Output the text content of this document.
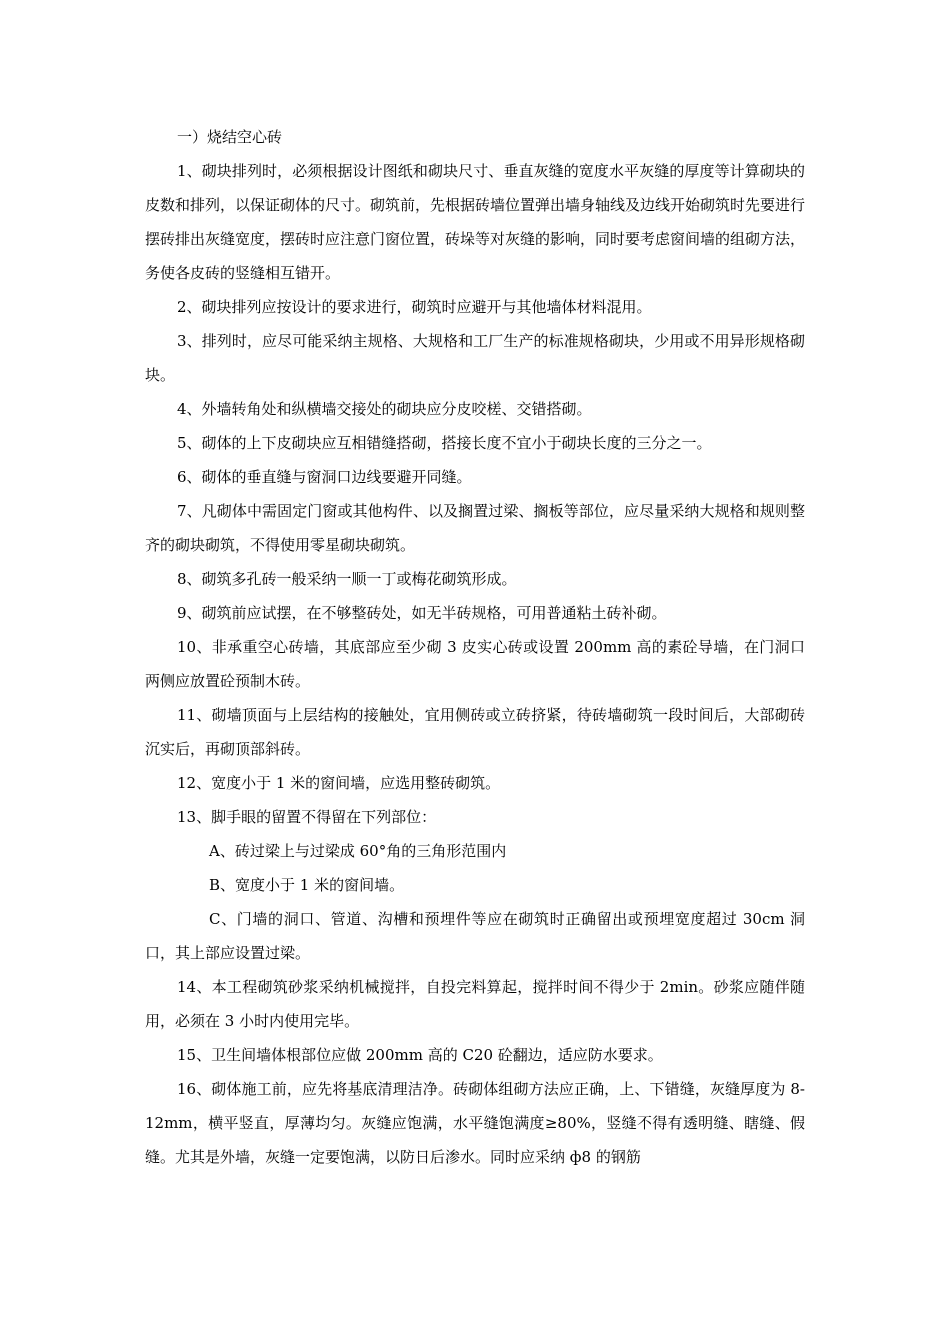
一）烧结空心砖

1、砌块排列时，必须根据设计图纸和砌块尺寸、垂直灰缝的宽度水平灰缝的厚度等计算砌块的皮数和排列，以保证砌体的尺寸。砌筑前，先根据砖墙位置弹出墙身轴线及边线开始砌筑时先要进行摆砖排出灰缝宽度，摆砖时应注意门窗位置，砖垛等对灰缝的影响，同时要考虑窗间墙的组砌方法，务使各皮砖的竖缝相互错开。

2、砌块排列应按设计的要求进行，砌筑时应避开与其他墙体材料混用。

3、排列时，应尽可能采纳主规格、大规格和工厂生产的标准规格砌块，少用或不用异形规格砌块。

4、外墙转角处和纵横墙交接处的砌块应分皮咬槎、交错搭砌。

5、砌体的上下皮砌块应互相错缝搭砌，搭接长度不宜小于砌块长度的三分之一。

6、砌体的垂直缝与窗洞口边线要避开同缝。

7、凡砌体中需固定门窗或其他构件、以及搁置过梁、搁板等部位，应尽量采纳大规格和规则整齐的砌块砌筑，不得使用零星砌块砌筑。

8、砌筑多孔砖一般采纳一顺一丁或梅花砌筑形成。

9、砌筑前应试摆，在不够整砖处，如无半砖规格，可用普通粘土砖补砌。

10、非承重空心砖墙，其底部应至少砌 3 皮实心砖或设置 200mm 高的素砼导墙，在门洞口两侧应放置砼预制木砖。

11、砌墙顶面与上层结构的接触处，宜用侧砖或立砖挤紧，待砖墙砌筑一段时间后，大部砌砖沉实后，再砌顶部斜砖。

12、宽度小于 1 米的窗间墙，应选用整砖砌筑。

13、脚手眼的留置不得留在下列部位：

A、砖过梁上与过梁成 60°角的三角形范围内

B、宽度小于 1 米的窗间墙。

C、门墙的洞口、管道、沟槽和预埋件等应在砌筑时正确留出或预埋宽度超过 30cm 洞口，其上部应设置过梁。

14、本工程砌筑砂浆采纳机械搅拌，自投完料算起，搅拌时间不得少于 2min。砂浆应随伴随用，必须在 3 小时内使用完毕。

15、卫生间墙体根部位应做 200mm 高的 C20 砼翻边，适应防水要求。

16、砌体施工前，应先将基底清理洁净。砖砌体组砌方法应正确，上、下错缝，灰缝厚度为 8-12mm，横平竖直，厚薄均匀。灰缝应饱满，水平缝饱满度≥80%，竖缝不得有透明缝、瞎缝、假缝。尤其是外墙，灰缝一定要饱满，以防日后渗水。同时应采纳 ф8 的钢筋
